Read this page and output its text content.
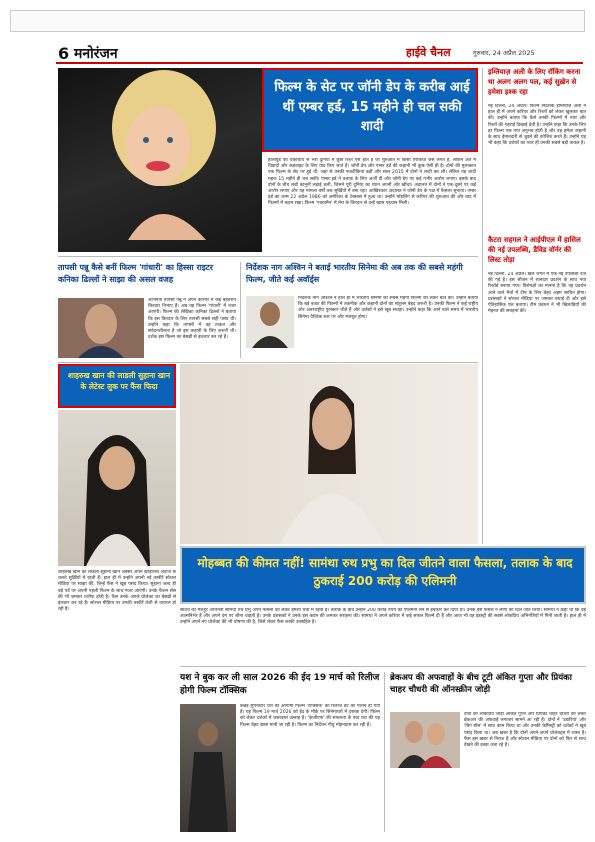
6 मनोरंजन	हाईवे चैनल	गुरुवार, 24 अप्रैल 2025
फिल्म के सेट पर जॉनी डेप के करीब आई थीं एम्बर हर्ड, 15 महीने ही चल सकी शादी
हॉलीवुड की चकाचौंध से भरी दुनिया में कुछ रिश्ते ऐसे होते हैं जो शुरुआत में किसी परीकथा जैसे लगते हैं, लेकिन अंत में विवादों और कड़वाहट के लिए याद किए जाते हैं। जॉनी डेप और एम्बर हर्ड की कहानी भी कुछ ऐसी ही है। दोनों की मुलाकात एक फिल्म के सेट पर हुई थी, जहां से उनकी नजदीकियां बढ़ीं और साल 2015 में दोनों ने शादी कर ली। लेकिन यह शादी महज 15 महीने ही चल सकी। एम्बर हर्ड ने तलाक के लिए अर्जी दी और जॉनी डेप पर कई गंभीर आरोप लगाए। इसके बाद दोनों के बीच लंबी कानूनी लड़ाई चली, जिसने पूरी दुनिया का ध्यान अपनी ओर खींचा। अदालत में दोनों ने एक-दूसरे पर कई आरोप लगाए और यह मामला वर्षों तक सुर्खियों में बना रहा। आखिरकार अदालत ने जॉनी डेप के पक्ष में फैसला सुनाया। एम्बर हर्ड का जन्म 22 अप्रैल 1986 को अमेरिका के टेक्सास में हुआ था। उन्होंने मॉडलिंग से करियर की शुरुआत की और बाद में फिल्मों में कदम रखा। फिल्म 'एक्वामैन' में मेरा के किरदार से उन्हें खास पहचान मिली।
इम्तियाज़ अली के लिए रॉकिंग करना था अलग अलग पल, कई सुख़ेन से हमेशा इश्क रहा
नई दिल्ली, 24 अप्रैल। फिल्म निर्देशक इम्तियाज़ अली ने हाल ही में अपने करियर और रिश्तों को लेकर खुलकर बात की। उन्होंने बताया कि कैसे उनकी फिल्मों में प्यार और रिश्तों की गहराई दिखाई देती है। उन्होंने कहा कि उनके लिए हर फिल्म एक नया अनुभव होती है और वह हमेशा कहानी के साथ ईमानदारी से जुड़ने की कोशिश करते हैं। उन्होंने यह भी कहा कि दर्शकों का प्यार ही उनकी सबसे बड़ी ताकत है।
कैटरा सहगल ने आईपीएल में हासिल की नई उपलब्धि, डैविड वॉर्नर की लिस्ट तोड़ा
नई दिल्ली, 24 अप्रैल। खेल जगत में एक नई उपलब्धि दर्ज की गई है। इस सीजन में शानदार प्रदर्शन के साथ नया रिकॉर्ड बनाया गया। विशेषज्ञों का मानना है कि यह प्रदर्शन आने वाले मैचों में टीम के लिए बेहद अहम साबित होगा। प्रशंसकों ने सोशल मीडिया पर जमकर बधाई दी और इसे ऐतिहासिक पल बताया। टीम प्रबंधन ने भी खिलाड़ियों की मेहनत की सराहना की।
तापसी पन्नू कैसे बनीं फिल्म 'गांधारी' का हिस्सा राइटर कनिका ढिल्लों ने साझा की असल वजह
अभिनेत्री तापसी पन्नू ने अपने करियर में कई बेहतरीन किरदार निभाए हैं। अब वह फिल्म 'गांधारी' में नजर आएंगी। फिल्म की लेखिका कनिका ढिल्लों ने बताया कि इस किरदार के लिए तापसी सबसे सही पसंद थीं। उन्होंने कहा कि तापसी में वह ताकत और संवेदनशीलता है जो इस कहानी के लिए जरूरी थी। दर्शक इस फिल्म का बेसब्री से इंतजार कर रहे हैं।
निर्देशक नाग अश्विन ने बताई भारतीय सिनेमा की अब तक की सबसे महंगी फिल्म, जीते कई अवॉर्ड्स
निर्देशक नाग अश्विन ने हाल ही में भारतीय सिनेमा की सबसे महंगी फिल्मों को लेकर बात की। उन्होंने बताया कि बड़े बजट की फिल्मों में तकनीक और कहानी दोनों का संतुलन बेहद जरूरी है। उनकी फिल्म ने कई राष्ट्रीय और अंतरराष्ट्रीय पुरस्कार जीते हैं और दर्शकों ने इसे खूब सराहा। उन्होंने कहा कि आने वाले समय में भारतीय सिनेमा वैश्विक स्तर पर और मजबूत होगा।
शाहरुख खान की लाडली सुहाना खान के लेटेस्ट लुक पर फैंस फिदा
शाहरुख खान की लाडली सुहाना खान अक्सर अपने स्टाइलिश अंदाज के चलते सुर्खियों में रहती हैं। हाल ही में उन्होंने अपनी नई तस्वीरें सोशल मीडिया पर साझा कीं, जिन्हें फैंस ने खूब पसंद किया। सुहाना जल्द ही बड़े पर्दे पर अपनी पहली फिल्म के साथ नजर आएंगी। उनके फैशन सेंस की भी जमकर तारीफ होती है। फैंस उनके अगले प्रोजेक्ट का बेसब्री से इंतजार कर रहे हैं। सोशल मीडिया पर उनकी तस्वीरें तेजी से वायरल हो रही हैं।
मोहब्बत की कीमत नहीं! सामंथा रुथ प्रभु का दिल जीतने वाला फैसला, तलाक के बाद ठुकराई 200 करोड़ की एलिमनी
साउथ की मशहूर अभिनेत्री सामंथा रुथ प्रभु अपने फैसलों को लेकर हमेशा चर्चा में रहती हैं। तलाक के बाद उन्होंने 200 करोड़ रुपये की एलिमनी लेने से इनकार कर दिया था। उनके इस फैसले ने लोगों का दिल जीत लिया। सामंथा ने कहा था कि वह आत्मनिर्भर हैं और अपने दम पर जीना चाहती हैं। उनके प्रशंसकों ने उनके इस कदम की जमकर सराहना की। सामंथा ने अपने करियर में कई सफल फिल्में दी हैं और आज भी वह इंडस्ट्री की सबसे लोकप्रिय अभिनेत्रियों में गिनी जाती हैं। हाल ही में उन्होंने अपने नए प्रोजेक्ट की भी घोषणा की है, जिसे लेकर फैंस काफी उत्साहित हैं।
यश ने बुक कर ली साल 2026 की ईद 19 मार्च को रिलीज होगी फिल्म टॉक्सिक
कन्नड़ सुपरस्टार यश की आगामी फिल्म 'टॉक्सिक' की रिलीज डेट का ऐलान हो गया है। यह फिल्म 19 मार्च 2026 को ईद के मौके पर सिनेमाघरों में दस्तक देगी। फिल्म को लेकर दर्शकों में जबरदस्त उत्साह है। 'केजीएफ' की सफलता के बाद यश की यह फिल्म बेहद खास मानी जा रही है। फिल्म का निर्देशन गीतू मोहनदास कर रही हैं।
ब्रेकअप की अफवाहों के बीच टूटी अंकित गुप्ता और प्रियंका चाहर चौधरी की ऑनस्क्रीन जोड़ी
टीवी की लोकप्रिय जोड़ी अंकित गुप्ता और प्रियंका चाहर चौधरी को लेकर ब्रेकअप की अफवाहें लगातार सामने आ रही हैं। दोनों ने 'उडारियां' और 'बिग बॉस' में साथ काम किया था और उनकी केमिस्ट्री को दर्शकों ने खूब पसंद किया था। अब खबर है कि दोनों अपने-अपने प्रोजेक्ट्स में व्यस्त हैं। फैंस इस खबर से निराश हैं और सोशल मीडिया पर दोनों को फिर से साथ देखने की इच्छा जता रहे हैं।
